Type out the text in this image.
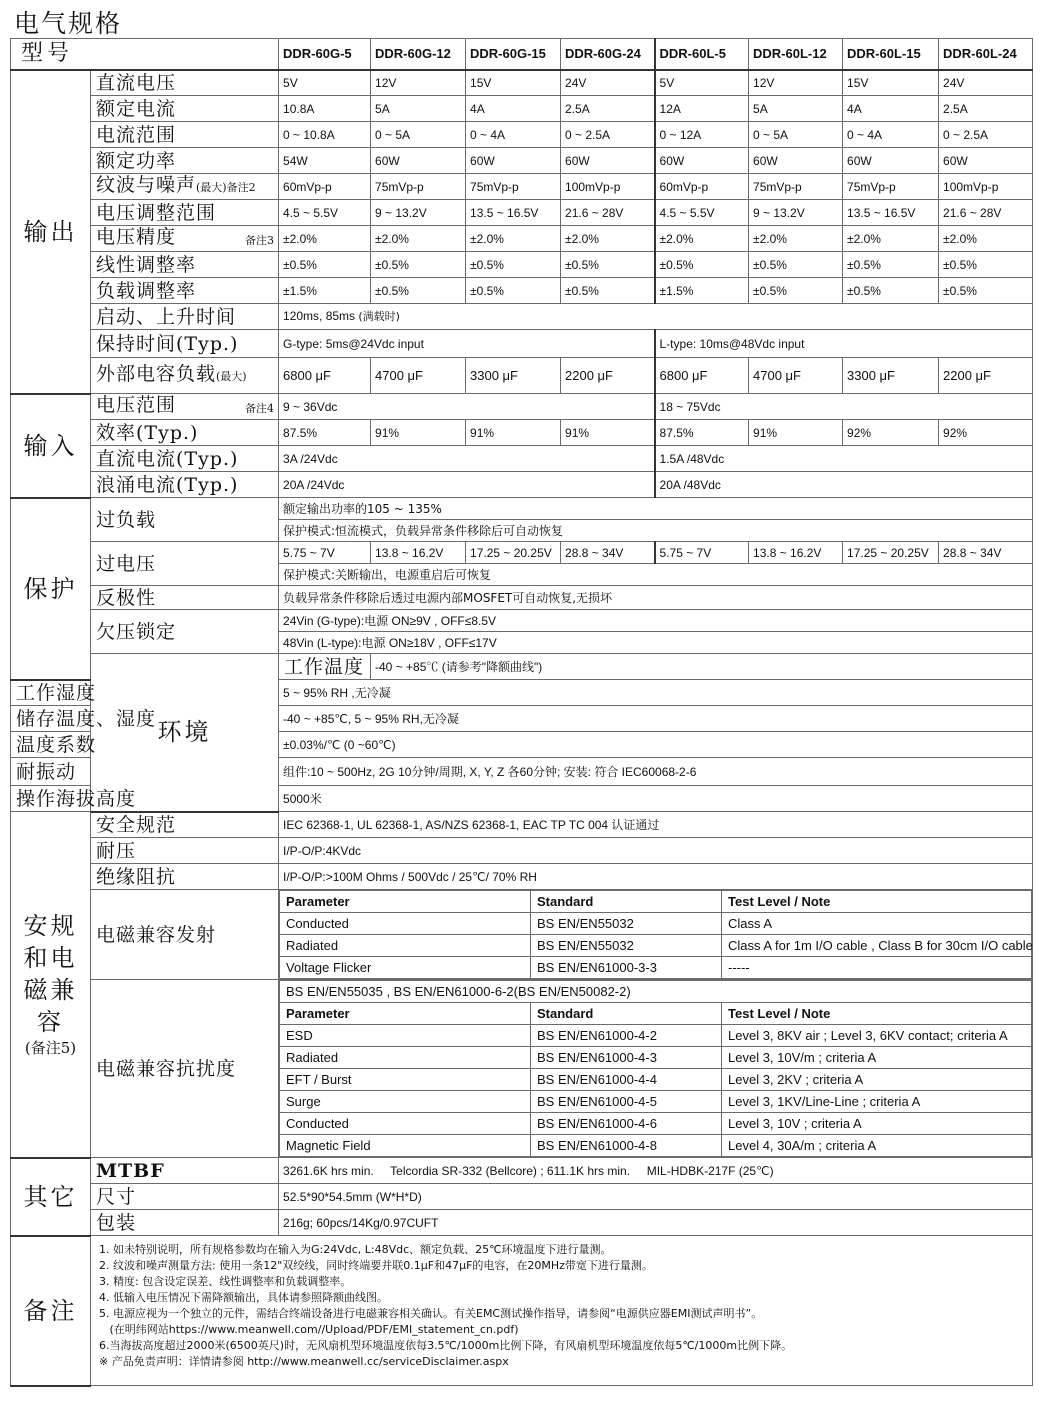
电气规格
型号	DDR-60G-5	DDR-60G-12	DDR-60G-15	DDR-60G-24	DDR-60L-5	DDR-60L-12	DDR-60L-15	DDR-60L-24
输出	直流电压	5V	12V	15V	24V	5V	12V	15V	24V
额定电流	10.8A	5A	4A	2.5A	12A	5A	4A	2.5A
电流范围	0 ~ 10.8A	0 ~ 5A	0 ~ 4A	0 ~ 2.5A	0 ~ 12A	0 ~ 5A	0 ~ 4A	0 ~ 2.5A
额定功率	54W	60W	60W	60W	60W	60W	60W	60W
纹波与噪声(最大)备注2	60mVp-p	75mVp-p	75mVp-p	100mVp-p	60mVp-p	75mVp-p	75mVp-p	100mVp-p
电压调整范围	4.5 ~ 5.5V	9 ~ 13.2V	13.5 ~ 16.5V	21.6 ~ 28V	4.5 ~ 5.5V	9 ~ 13.2V	13.5 ~ 16.5V	21.6 ~ 28V
电压精度	备注3	±2.0%	±2.0%	±2.0%	±2.0%	±2.0%	±2.0%	±2.0%	±2.0%
线性调整率	±0.5%	±0.5%	±0.5%	±0.5%	±0.5%	±0.5%	±0.5%	±0.5%
负载调整率	±1.5%	±0.5%	±0.5%	±0.5%	±1.5%	±0.5%	±0.5%	±0.5%
启动、上升时间	120ms, 85ms (满载时)
保持时间(Typ.)	G-type: 5ms@24Vdc input	L-type: 10ms@48Vdc input
外部电容负载(最大)	6800 μF	4700 μF	3300 μF	2200 μF	6800 μF	4700 μF	3300 μF	2200 μF
输入	电压范围	备注4	9 ~ 36Vdc	18 ~ 75Vdc
效率(Typ.)	87.5%	91%	91%	91%	87.5%	91%	92%	92%
直流电流(Typ.)	3A /24Vdc	1.5A /48Vdc
浪涌电流(Typ.)	20A /24Vdc	20A /48Vdc
保护	过负载	额定输出功率的105 ~ 135%
保护模式:恒流模式，负载异常条件移除后可自动恢复
过电压	5.75 ~ 7V	13.8 ~ 16.2V	17.25 ~ 20.25V	28.8 ~ 34V	5.75 ~ 7V	13.8 ~ 16.2V	17.25 ~ 20.25V	28.8 ~ 34V
保护模式:关断输出，电源重启后可恢复
反极性	负载异常条件移除后透过电源内部MOSFET可自动恢复,无损坏
欠压锁定	24Vin (G-type):电源 ON≥9V , OFF≤8.5V
48Vin (L-type):电源 ON≥18V , OFF≤17V
环境	工作温度	-40 ~ +85℃ (请参考"降额曲线")
工作湿度	5 ~ 95% RH ,无冷凝
储存温度、湿度	-40 ~ +85℃, 5 ~ 95% RH,无冷凝
温度系数	±0.03%/℃ (0 ~60℃)
耐振动	组件:10 ~ 500Hz, 2G 10分钟/周期, X, Y, Z 各60分钟; 安装: 符合 IEC60068-2-6
操作海拔高度	5000米
安规和电磁兼容
(备注5)
	安全规范	IEC 62368-1, UL 62368-1, AS/NZS 62368-1, EAC TP TC 004 认证通过
耐压	I/P-O/P:4KVdc
绝缘阻抗	I/P-O/P:>100M Ohms / 500Vdc / 25℃/ 70% RH
电磁兼容发射	
Parameter	Standard	Test Level / Note
Conducted	BS EN/EN55032	Class A
Radiated	BS EN/EN55032	Class A for 1m I/O cable , Class B for 30cm I/O cable
Voltage Flicker	BS EN/EN61000-3-3	-----

电磁兼容抗扰度	
BS EN/EN55035 , BS EN/EN61000-6-2(BS EN/EN50082-2)
Parameter	Standard	Test Level / Note
ESD	BS EN/EN61000-4-2	Level 3, 8KV air ; Level 3, 6KV contact; criteria A
Radiated	BS EN/EN61000-4-3	Level 3, 10V/m ; criteria A
EFT / Burst	BS EN/EN61000-4-4	Level 3, 2KV ; criteria A
Surge	BS EN/EN61000-4-5	Level 3, 1KV/Line-Line ; criteria A
Conducted	BS EN/EN61000-4-6	Level 3, 10V ; criteria A
Magnetic Field	BS EN/EN61000-4-8	Level 4, 30A/m ; criteria A

其它	MTBF	3261.6K hrs min.     Telcordia SR-332 (Bellcore) ; 611.1K hrs min.     MIL-HDBK-217F (25℃)
尺寸	52.5*90*54.5mm (W*H*D)
包装	216g; 60pcs/14Kg/0.97CUFT
备注	
1. 如未特别说明，所有规格参数均在输入为G:24Vdc, L:48Vdc、额定负载、25℃环境温度下进行量测。
2. 纹波和噪声测量方法: 使用一条12"双绞线，同时终端要并联0.1μF和47μF的电容，在20MHz带宽下进行量测。
3. 精度: 包含设定误差、线性调整率和负载调整率。
4. 低输入电压情况下需降额输出，具体请参照降额曲线图。
5. 电源应视为一个独立的元件，需结合终端设备进行电磁兼容相关确认。有关EMC测试操作指导，请参阅“电源供应器EMI测试声明书”。
(在明纬网站https://www.meanwell.com//Upload/PDF/EMI_statement_cn.pdf)
6.当海拔高度超过2000米(6500英尺)时，无风扇机型环境温度依每3.5℃/1000m比例下降，有风扇机型环境温度依每5℃/1000m比例下降。
※ 产品免责声明：详情请参阅 http://www.meanwell.cc/serviceDisclaimer.aspx
